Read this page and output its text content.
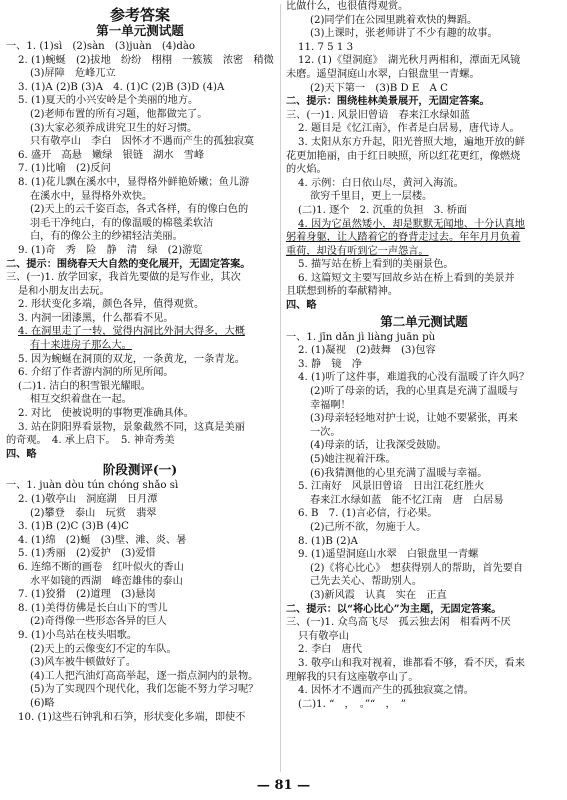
参考答案
第一单元测试题
一、1. (1)sì　(2)sàn　(3)juàn　(4)dào
2. (1)蜿蜒　(2)拔地　纷纷　栩栩　一簇簇　浓密　稍微
(3)屏障　危峰兀立
3. (1)A (2)B (3)A　4. (1)C (2)B (3)D (4)A
5. (1)夏天的小兴安岭是个美丽的地方。
(2)老师布置的所有习题，他都做完了。
(3)大家必须养成讲究卫生的好习惯。
只有敬亭山　李白　因怀才不遇而产生的孤独寂寞
6. 盛开　高悬　嫩绿　银链　湖水　雪峰
7. (1)比喻　(2)反问
8. (1)花儿飘在溪水中，显得格外鲜艳娇嫩；鱼儿游
在溪水中，显得格外欢快。
(2)天上的云千姿百态，各式各样，有的像白色的
羽毛干净纯白，有的像温暖的棉毯柔软洁
白，有的像公主的纱裙轻洁美丽。
9. (1)奇　秀　险　静　清　绿　(2)游览
二、提示：围绕春天大自然的变化展开，无固定答案。
三、(一)1. 放学回家，我首先要做的是写作业，其次
是和小朋友出去玩。
2. 形状变化多端，颜色各异，值得观赏。
3. 内洞一团漆黑，什么都看不见。
4. 在洞里走了一转，觉得内洞比外洞大得多，大概
有十来进房子那么大。
5. 因为蜿蜒在洞顶的双龙，一条黄龙，一条青龙。
6. 介绍了作者游内洞的所见所闻。
(二)1. 洁白的积雪银光耀眼。
相互交织着盘在一起。
2. 对比　使被说明的事物更准确具体。
3. 站在阴阳界看景物，景象截然不同，这真是美丽
的奇观。　4. 承上启下。　5. 神奇秀美
四、略
阶段测评(一)
一、1. juàn dòu tún chóng shǎo sì
2. (1)敬亭山　洞庭湖　日月潭
(2)攀登　泰山　玩赏　翡翠
3. (1)B (2)C (3)B (4)C
4. (1)绵　(2)蜒　(3)壁、滩、炎、暑
5. (1)秀丽　(2)爱护　(3)爱惜
6. 连绵不断的画卷　红叶似火的香山
水平如镜的西湖　峰峦雄伟的泰山
7. (1)狡猾　(2)道理　(3)悬岗
8. (1)美得仿佛是长白山下的雪儿
(2)奇得像一些形态各异的巨人
9. (1)小鸟站在枝头唱歌。
(2)天上的云像变幻不定的车队。
(3)风车被牛顿做好了。
(4)工人把汽油灯高高举起，逐一指点洞内的景物。
(5)为了实现四个现代化，我们怎能不努力学习呢？
(6)略
10. (1)这些石钟乳和石笋，形状变化多端，即使不
比做什么，也很值得观赏。
(2)同学们在公园里跳着欢快的舞蹈。
(3)上课时，张老师讲了不少有趣的故事。
11. 7 5 1 3
12. (1)《望洞庭》　湖光秋月两相和，潭面无风镜
未磨。遥望洞庭山水翠，白银盘里一青螺。
(2)天下第一　(3)B D E　A C
二、提示：围绕桂林美景展开，无固定答案。
三、(一)1. 风景旧曾谙　春来江水绿如蓝
2. 题目是《忆江南》，作者是白居易，唐代诗人。
3. 太阳从东方升起，阳光普照大地，遍地开放的鲜
花更加艳丽，由于红日映照，所以红花更红，像燃烧
的火焰。
4. 示例：白日依山尽，黄河入海流。
欲穷千里目，更上一层楼。
(二)1. 逐个　2. 沉重的负担　3. 桥面
4. 因为它虽然矮小，却是默默无闻地、十分认真地
躬着身躯，让人踏着它的脊背走过去。年年月月负着
重荷，却没有听到它一声怨言。
5. 描写站在桥上看到的美丽景色。
6. 这篇短文主要写回故乡站在桥上看到的美景并
且联想到桥的奉献精神。
四、略
第二单元测试题
一、1. jīn dǎn jì liàng juān pù
2. (1)凝视　(2)鼓舞　(3)包容
3. 静　镜　净
4. (1)听了这件事，难道我的心没有温暖了许久吗？
(2)听了母亲的话，我的心里真是充满了温暖与
幸福啊！
(3)母亲轻轻地对护士说，让她不要紧张，再来
一次。
(4)母亲的话，让我深受鼓励。
(5)她注视着汗珠。
(6)我猜测他的心里充满了温暖与幸福。
5. 江南好　风景旧曾谙　日出江花红胜火
春来江水绿如蓝　能不忆江南　唐　白居易
6. B　7. (1)言必信，行必果。
(2)己所不欲，勿施于人。
8. (1)B (2)A
9. (1)遥望洞庭山水翠　白银盘里一青螺
(2)《将心比心》　想获得别人的帮助，首先要自
己先去关心、帮助别人。
(3)新风霞　认真　实在　正直
二、提示：以“将心比心”为主题，无固定答案。
三、(一)1. 众鸟高飞尽　孤云独去闲　相看两不厌
只有敬亭山
2. 李白　唐代
3. 敬亭山和我对视着，谁都看不够，看不厌，看来
理解我的只有这座敬亭山了。
4. 因怀才不遇而产生的孤独寂寞之情。
(二)1. “　，　。”“　，　”
— 81 —
